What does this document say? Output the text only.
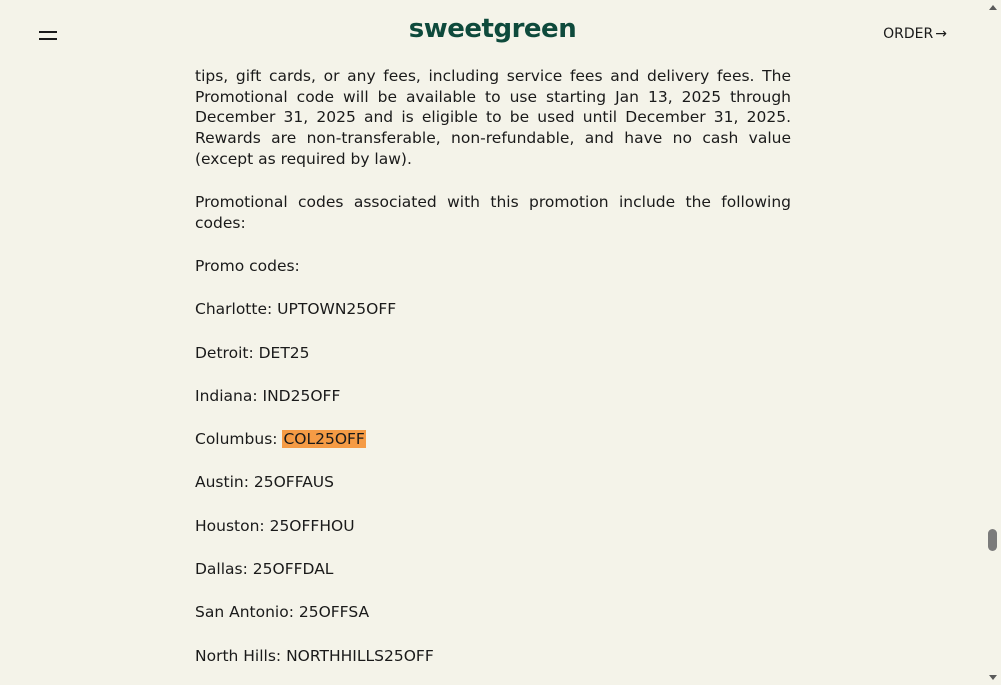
sweetgreen	ORDER →

tips, gift cards, or any fees, including service fees and delivery fees. The Promotional code will be available to use starting Jan 13, 2025 through December 31, 2025 and is eligible to be used until December 31, 2025. Rewards are non-transferable, non-refundable, and have no cash value (except as required by law).

Promotional codes associated with this promotion include the following codes:

Promo codes:

Charlotte: UPTOWN25OFF

Detroit: DET25

Indiana: IND25OFF

Columbus: COL25OFF

Austin: 25OFFAUS

Houston: 25OFFHOU

Dallas: 25OFFDAL

San Antonio: 25OFFSA

North Hills: NORTHHILLS25OFF
